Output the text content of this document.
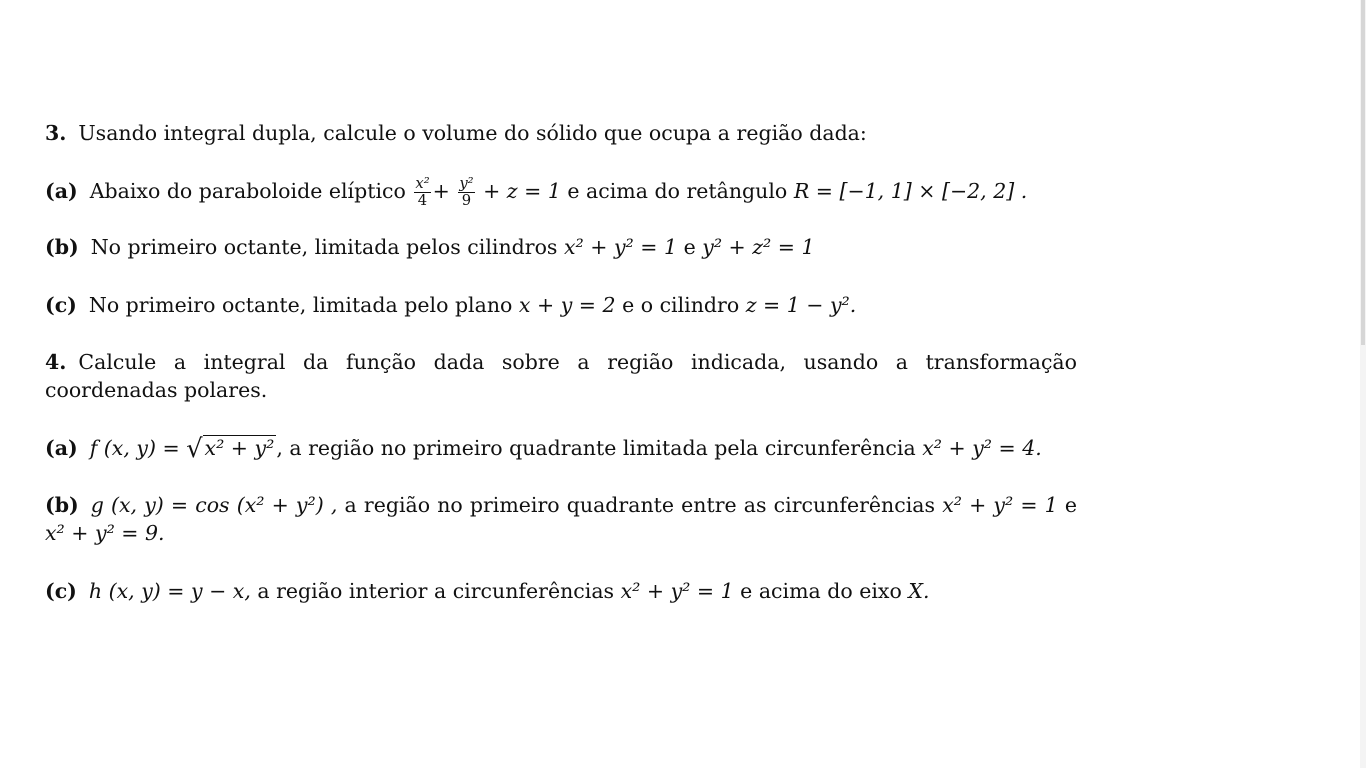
3. Usando integral dupla, calcule o volume do sólido que ocupa a região dada:
(a) Abaixo do paraboloide elíptico $\frac{\text{x²}}{4} + \frac{\text{y²}}{9} + z = 1$ e acima do retângulo R = [−1, 1] × [−2, 2] .
(b) No primeiro octante, limitada pelos cilindros x² + y² = 1 e y² + z² = 1
(c) No primeiro octante, limitada pelo plano x + y = 2 e o cilindro z = 1 − y².
4. Calcule a integral da função dada sobre a região indicada, usando a transformação coordenadas polares.
(a) f (x, y) = √x² + y², a região no primeiro quadrante limitada pela circunferência x² + y² = 4.
(b) g (x, y) = cos (x² + y²) , a região no primeiro quadrante entre as circunferências x² + y² = 1 e x² + y² = 9.
(c) h (x, y) = y − x, a região interior a circunferências x² + y² = 1 e acima do eixo X.
